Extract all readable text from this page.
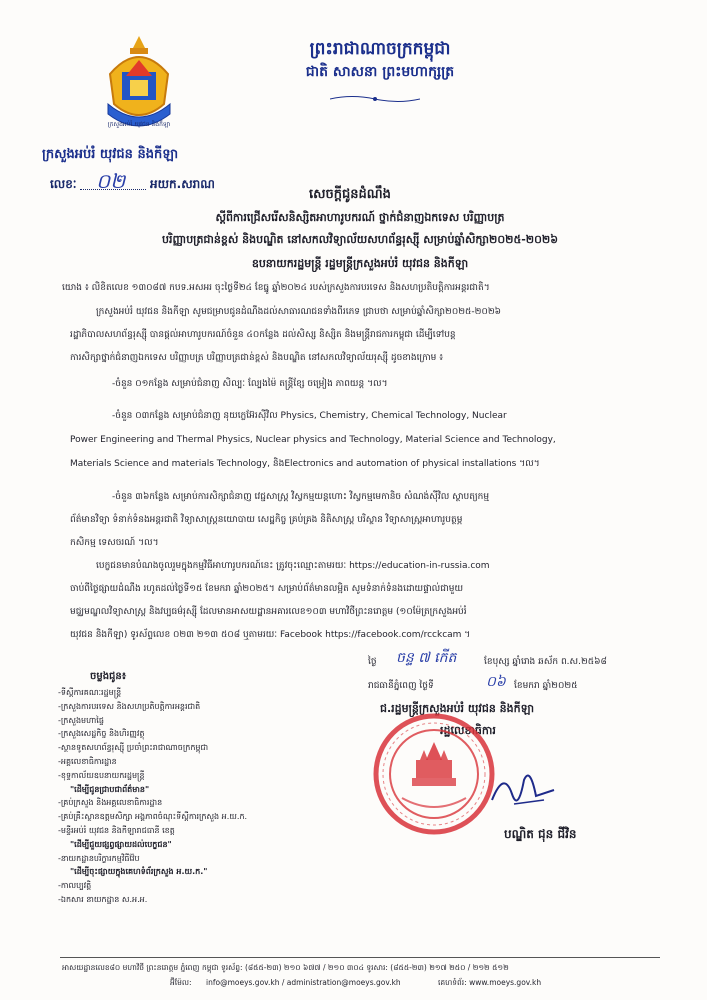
ក្រសួងអប់រំ យុវជន និងកីឡា
ព្រះរាជាណាចក្រកម្ពុជា
ជាតិ សាសនា ព្រះមហាក្សត្រ
ក្រសួងអប់រំ យុវជន និងកីឡា
លេខៈ ០២ អយក.សរាណ
សេចក្តីជូនដំណឹង
ស្តីពីការជ្រើសរើសនិស្សិតអាហារូបករណ៍ ថ្នាក់ជំនាញឯកទេស បរិញ្ញាបត្រ
បរិញ្ញាបត្រជាន់ខ្ពស់ និងបណ្ឌិត នៅសកលវិទ្យាល័យសហព័ន្ធរុស្ស៊ី សម្រាប់ឆ្នាំសិក្សា២០២៥-២០២៦
ឧបនាយករដ្ឋមន្ត្រី រដ្ឋមន្ត្រីក្រសួងអប់រំ យុវជន និងកីឡា
យោង ៖ លិខិតលេខ ១៣០៨៧ កបទ.អសអរ ចុះថ្ងៃទី២៤ ខែធ្នូ ឆ្នាំ២០២៤ របស់ក្រសួងការបរទេស និងសហប្រតិបត្តិការអន្តរជាតិ។
ក្រសួងអប់រំ យុវជន និងកីឡា សូមជម្រាបជូនដំណឹងដល់សាធារណជនទាំងពីរភេទ ជ្រាបថា សម្រាប់ឆ្នាំសិក្សា២០២៥-២០២៦
រដ្ឋាភិបាលសហព័ន្ធរុស្ស៊ី បានផ្តល់អាហារូបករណ៍ចំនួន ៤០កន្លែង ដល់សិស្ស និស្សិត និងមន្ត្រីរាជការកម្ពុជា ដើម្បីទៅបន្ត
ការសិក្សាថ្នាក់ជំនាញឯកទេស បរិញ្ញាបត្រ បរិញ្ញាបត្រជាន់ខ្ពស់ និងបណ្ឌិត នៅសកលវិទ្យាល័យរុស្ស៊ី ដូចខាងក្រោម ៖
-ចំនួន ០១កន្លែង សម្រាប់ជំនាញ សិល្បៈ ល្បែងម៉ៃ តន្ត្រីខ្សែ ចម្រៀង ភាពយន្ត ។ល។
-ចំនួន ០៣កន្លែង សម្រាប់ជំនាញ នុយក្លេអ៊ែរស៊ីវិល Physics, Chemistry, Chemical Technology, Nuclear
Power Engineering and Thermal Physics, Nuclear physics and Technology, Material Science and Technology,
Materials Science and materials Technology, និងElectronics and automation of physical installations ។ល។
-ចំនួន ៣៦កន្លែង សម្រាប់ការសិក្សាជំនាញ វេជ្ជសាស្ត្រ វិស្វកម្មយន្តហោះ វិស្វកម្មមេកានិច សំណង់ស៊ីវិល ស្ថាបត្យកម្ម
ព័ត៌មានវិទ្យា ទំនាក់ទំនងអន្តរជាតិ វិទ្យាសាស្ត្រនយោបាយ សេដ្ឋកិច្ច គ្រប់គ្រង និតិសាស្ត្រ បរិស្ថាន វិទ្យាសាស្ត្រអាហារូបត្ថម្ភ
កសិកម្ម ទេសចរណ៍ ។ល។
បេក្ខជនមានបំណងចូលរួមក្នុងកម្មវិធីអាហារូបករណ៍នេះ ត្រូវចុះឈ្មោះតាមរយៈ https://education-in-russia.com
ចាប់ពីថ្ងៃផ្សាយដំណឹង រហូតដល់ថ្ងៃទី១៥ ខែមករា ឆ្នាំ២០២៥។ សម្រាប់ព័ត៌មានលម្អិត សូមទំនាក់ទំនងដោយផ្ទាល់ជាមួយ
មជ្ឈមណ្ឌលវិទ្យាសាស្ត្រ និងវប្បធម៌រុស្ស៊ី ដែលមានអាសយដ្ឋានអគារលេខ១០៣ មហាវិថីព្រះនរោត្តម (១០ម៉ែត្រក្រសួងអប់រំ
យុវជន និងកីឡា) ទូរស័ព្ទលេខ ០២៣ ២១៣ ៥០៨ ឬតាមរយៈ Facebook https://facebook.com/rcckcam ។
ថ្ងៃ ចន្ទ ៧ កើត	ខែបុស្ស ឆ្នាំរោង ឆស័ក ព.ស.២៥៦៨
រាជធានីភ្នំពេញ ថ្ងៃទី	០៦ ខែមករា ឆ្នាំ២០២៥
ជ.រដ្ឋមន្ត្រីក្រសួងអប់រំ យុវជន និងកីឡា
រដ្ឋលេខាធិការ
បណ្ឌិត ជុន ជីវិន
ចម្លងជូន៖
-ទីស្តីការគណៈរដ្ឋមន្ត្រី
-ក្រសួងការបរទេស និងសហប្រតិបត្តិការអន្តរជាតិ
-ក្រសួងមហាផ្ទៃ
-ក្រសួងសេដ្ឋកិច្ច និងហិរញ្ញវត្ថុ
-ស្ថានទូតសហព័ន្ធរុស្ស៊ី ប្រចាំព្រះរាជាណាចក្រកម្ពុជា
-អគ្គលេខាធិការដ្ឋាន
-ខុទ្ទកាល័យឧបនាយករដ្ឋមន្ត្រី
"ដើម្បីជូនជ្រាបជាព័ត៌មាន"
-គ្រប់ក្រសួង និងអគ្គលេខាធិការដ្ឋាន
-គ្រប់គ្រឹះស្ថានឧត្តមសិក្សា អង្គភាពចំណុះទីស្តីការក្រសួង អ.យ.ក.
-មន្ទីរអប់រំ យុវជន និងកីឡារាជធានី ខេត្ត
"ដើម្បីជួយផ្សព្វផ្សាយដល់បេក្ខជន"
-នាយកដ្ឋានបរិក្ខារកម្មវិធីវ៉ែប
"ដើម្បីចុះផ្សាយក្នុងគេហទំព័រក្រសួង អ.យ.ក."
-កាលប្បវត្តិ
-ឯកសារ នាយកដ្ឋាន ស.អ.អ.
អាសយដ្ឋានលេខ៨០ មហាវិថី ព្រះនរោត្តម ភ្នំពេញ កម្ពុជា ទូរស័ព្ទ: (៨៥៥-២៣) ២១០ ៦៧៧ / ២១០ ៣០៤ ទូរសារ: (៨៥៥-២៣) ២១៧ ២៥០ / ២១២ ៥១២
អ៊ីម៉ែល: info@moeys.gov.kh / administration@moeys.gov.kh	គេហទំព័រ: www.moeys.gov.kh
